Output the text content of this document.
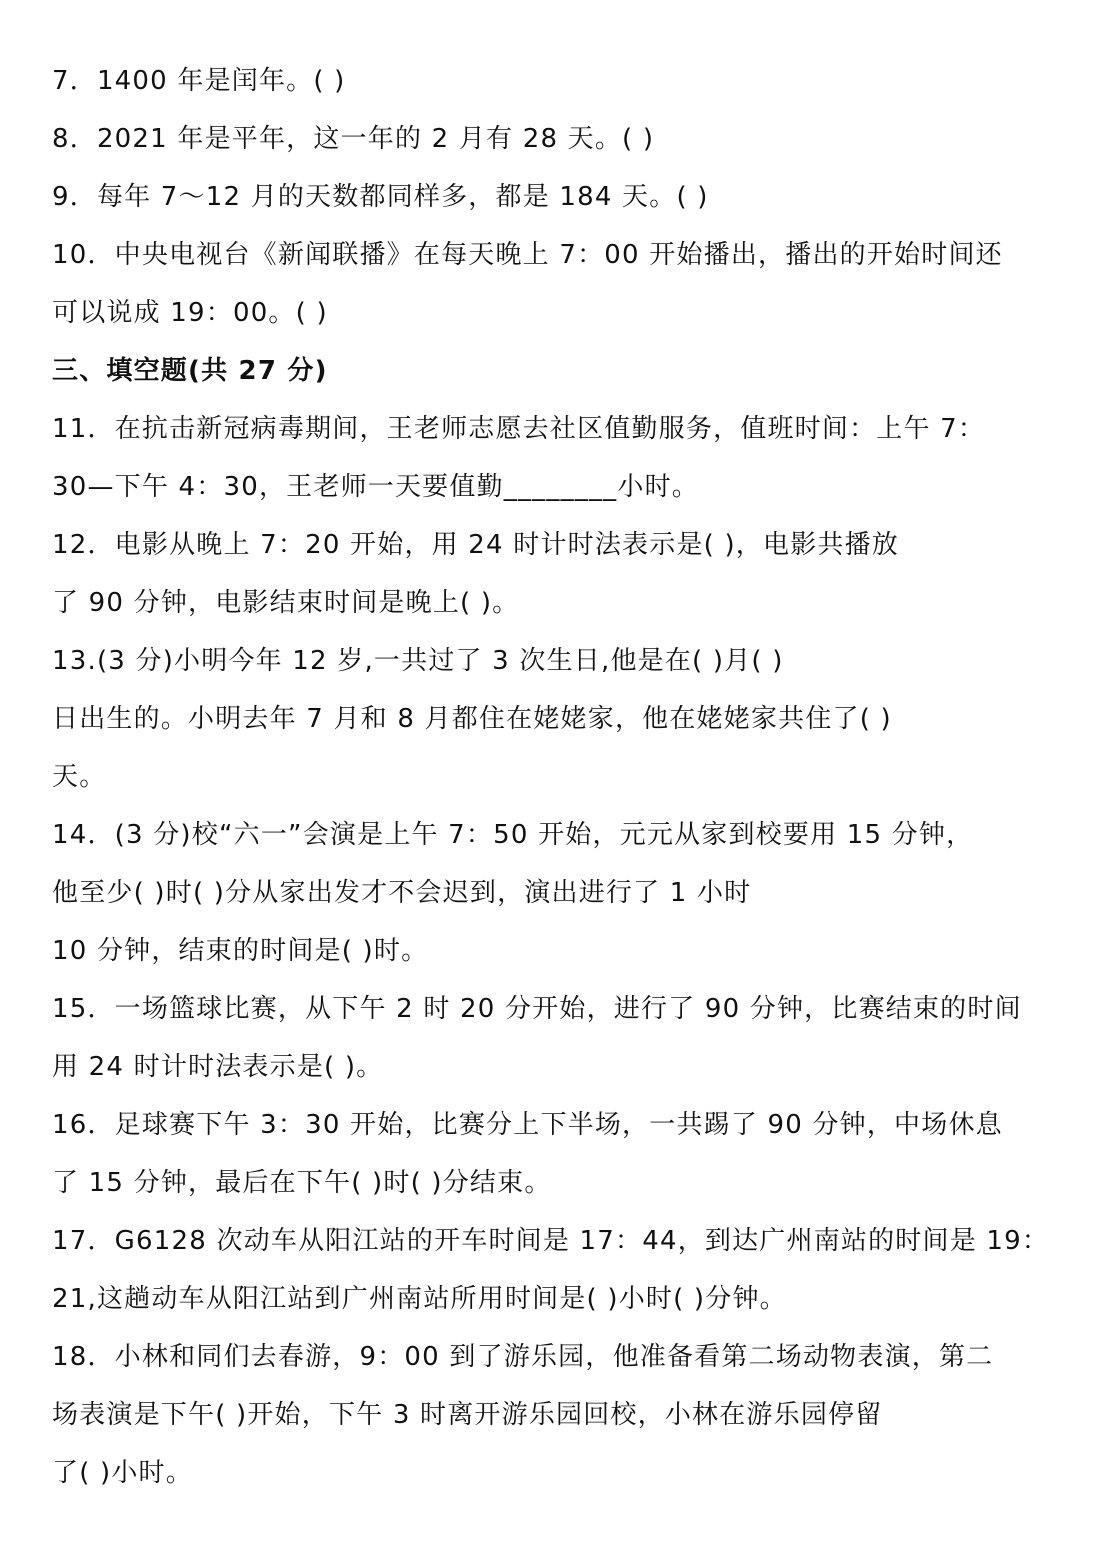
7．1400 年是闰年。( )
8．2021 年是平年，这一年的 2 月有 28 天。( )
9．每年 7～12 月的天数都同样多，都是 184 天。( )
10．中央电视台《新闻联播》在每天晚上 7：00 开始播出，播出的开始时间还
可以说成 19：00。( )
三、填空题(共 27 分)
11．在抗击新冠病毒期间，王老师志愿去社区值勤服务，值班时间：上午 7：
30—下午 4：30，王老师一天要值勤________小时。
12．电影从晚上 7：20 开始，用 24 时计时法表示是( )，电影共播放
了 90 分钟，电影结束时间是晚上( )。
13.(3 分)小明今年 12 岁,一共过了 3 次生日,他是在( )月( )
日出生的。小明去年 7 月和 8 月都住在姥姥家，他在姥姥家共住了( )
天。
14．(3 分)校“六一”会演是上午 7：50 开始，元元从家到校要用 15 分钟，
他至少( )时( )分从家出发才不会迟到，演出进行了 1 小时
10 分钟，结束的时间是( )时。
15．一场篮球比赛，从下午 2 时 20 分开始，进行了 90 分钟，比赛结束的时间
用 24 时计时法表示是( )。
16．足球赛下午 3：30 开始，比赛分上下半场，一共踢了 90 分钟，中场休息
了 15 分钟，最后在下午( )时( )分结束。
17．G6128 次动车从阳江站的开车时间是 17：44，到达广州南站的时间是 19：
21,这趟动车从阳江站到广州南站所用时间是( )小时( )分钟。
18．小林和同们去春游，9：00 到了游乐园，他准备看第二场动物表演，第二
场表演是下午( )开始，下午 3 时离开游乐园回校，小林在游乐园停留
了( )小时。
